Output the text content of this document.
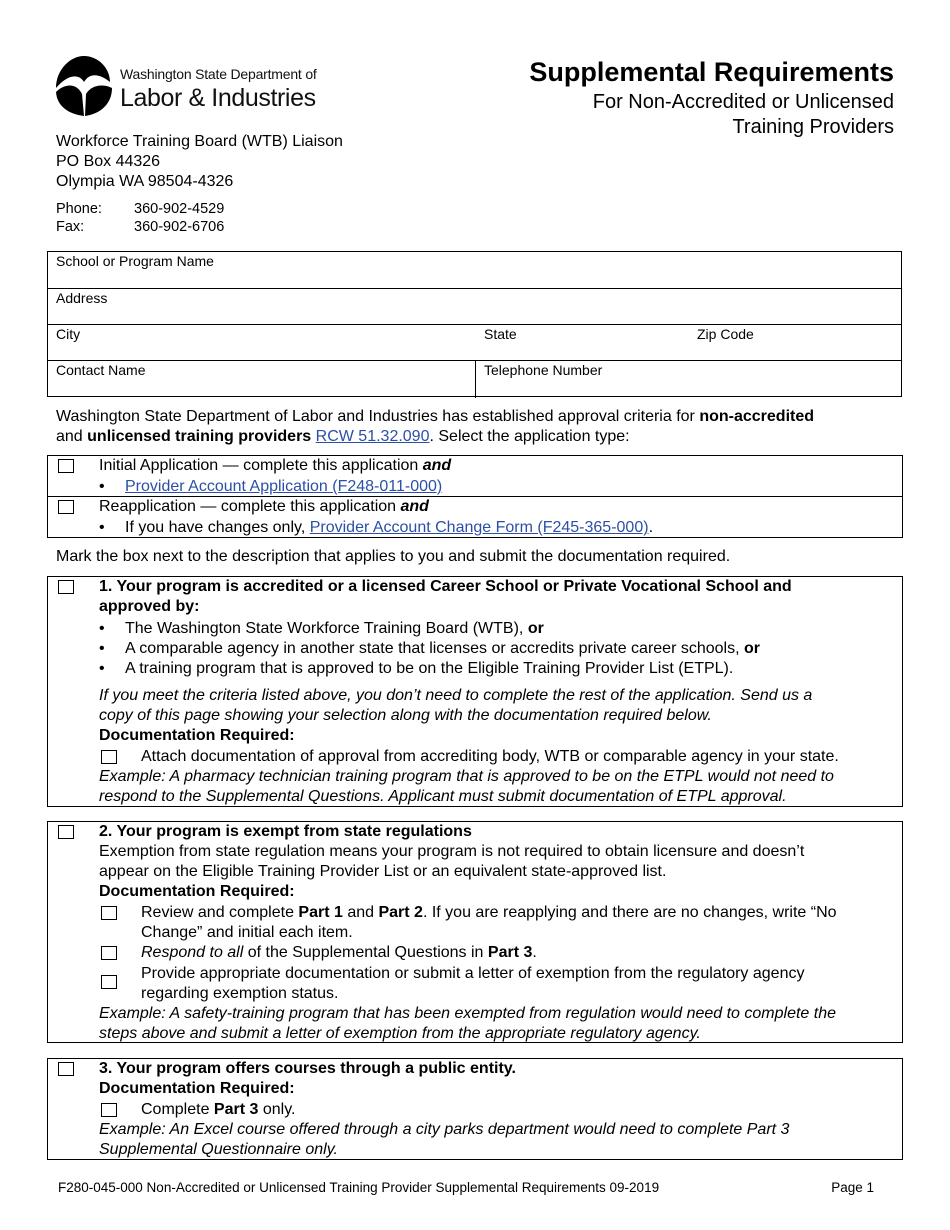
Washington State Department of
Labor & Industries
Supplemental Requirements
For Non-Accredited or Unlicensed
Training Providers
Workforce Training Board (WTB) Liaison
PO Box 44326
Olympia WA 98504-4326
Phone: 360-902-4529
Fax:	360-902-6706
School or Program Name
Address
City	State	Zip Code
Contact Name	Telephone Number
Washington State Department of Labor and Industries has established approval criteria for non-accredited
and unlicensed training providers RCW 51.32.090. Select the application type:
Initial Application — complete this application and
• Provider Account Application (F248-011-000)
Reapplication — complete this application and
• If you have changes only, Provider Account Change Form (F245-365-000).
Mark the box next to the description that applies to you and submit the documentation required.
1. Your program is accredited or a licensed Career School or Private Vocational School and
approved by:
• The Washington State Workforce Training Board (WTB), or
• A comparable agency in another state that licenses or accredits private career schools, or
• A training program that is approved to be on the Eligible Training Provider List (ETPL).
If you meet the criteria listed above, you don’t need to complete the rest of the application. Send us a
copy of this page showing your selection along with the documentation required below.
Documentation Required:
Attach documentation of approval from accrediting body, WTB or comparable agency in your state.
Example: A pharmacy technician training program that is approved to be on the ETPL would not need to
respond to the Supplemental Questions. Applicant must submit documentation of ETPL approval.
2. Your program is exempt from state regulations
Exemption from state regulation means your program is not required to obtain licensure and doesn’t
appear on the Eligible Training Provider List or an equivalent state-approved list.
Documentation Required:
Review and complete Part 1 and Part 2. If you are reapplying and there are no changes, write “No
Change” and initial each item.
Respond to all of the Supplemental Questions in Part 3.
Provide appropriate documentation or submit a letter of exemption from the regulatory agency
regarding exemption status.
Example: A safety-training program that has been exempted from regulation would need to complete the
steps above and submit a letter of exemption from the appropriate regulatory agency.
3. Your program offers courses through a public entity.
Documentation Required:
Complete Part 3 only.
Example: An Excel course offered through a city parks department would need to complete Part 3
Supplemental Questionnaire only.
F280-045-000 Non-Accredited or Unlicensed Training Provider Supplemental Requirements 09-2019	Page 1
